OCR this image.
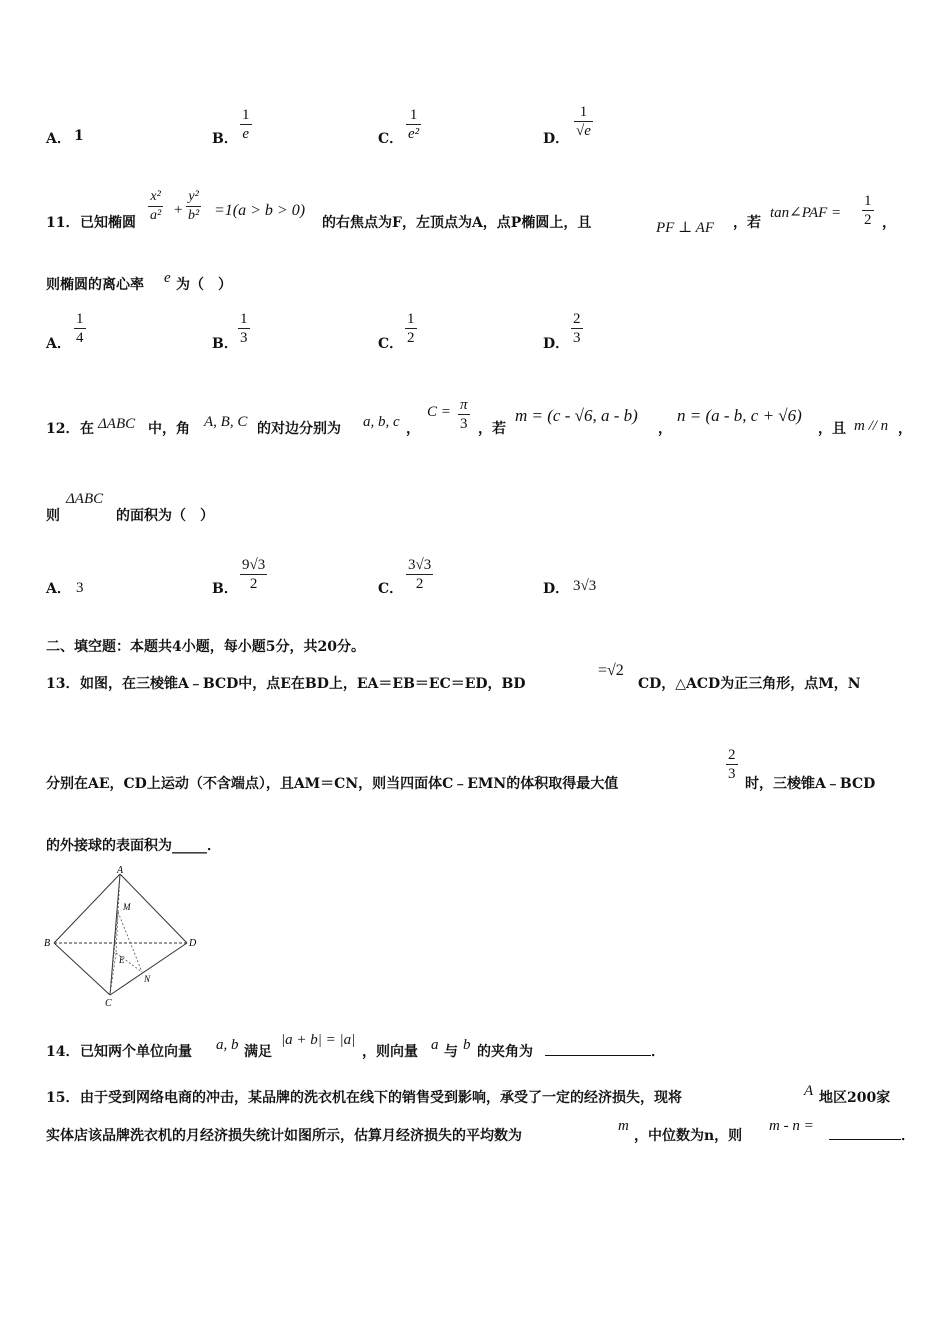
A． 1	B． $\frac{1}{e}$	C． $\frac{1}{\text{e²}}$	D． $\frac{1}{√e}$
11． 已知椭圆 $\frac{\text{x²}}{\text{a²}} + \frac{\text{y²}}{\text{b²}} =1(a > b > 0)$
的右焦点为F，左顶点为A，点P椭圆上，且	PF ⊥ AF ，若
tan∠PAF = $\frac{1}{2}$ ，
则椭圆的离心率 e 为（　）
A． $\frac{1}{4}$	B． $\frac{1}{3}$	C． $\frac{1}{2}$	D． $\frac{2}{3}$
12． 在 ΔABC 中，角 A, B, C 的对边分别为 a, b, c ，
$C = \frac{\pi}{3}$ ，若
m = (c - √6, a - b)
，
n = (a - b, c + √6)
，且 m // n ，
则
ΔABC
的面积为（　）
A． 3	B． $\frac{9√3}{2}$	C． $\frac{3√3}{2}$	D． 3√3
二、填空题：本题共4小题，每小题5分，共20分。
13． 如图，在三棱锥A﹣BCD中，点E在BD上，EA＝EB＝EC＝ED，BD
=√2
CD，△ACD为正三角形，点M，N
分别在AE，CD上运动（不含端点），且AM＝CN，则当四面体C﹣EMN的体积取得最大值
$\frac{2}{3}$
时，三棱锥A﹣BCD
的外接球的表面积为_____．
A
B
C
D
M
E
N
14． 已知两个单位向量 a, b 满足
|a + b| = |a|
，则向量 a 与 b 的夹角为	．
15． 由于受到网络电商的冲击，某品牌的洗衣机在线下的销售受到影响，承受了一定的经济损失，现将	A 地区200家
实体店该品牌洗衣机的月经济损失统计如图所示，估算月经济损失的平均数为
m
，中位数为n，则
m - n =
．
